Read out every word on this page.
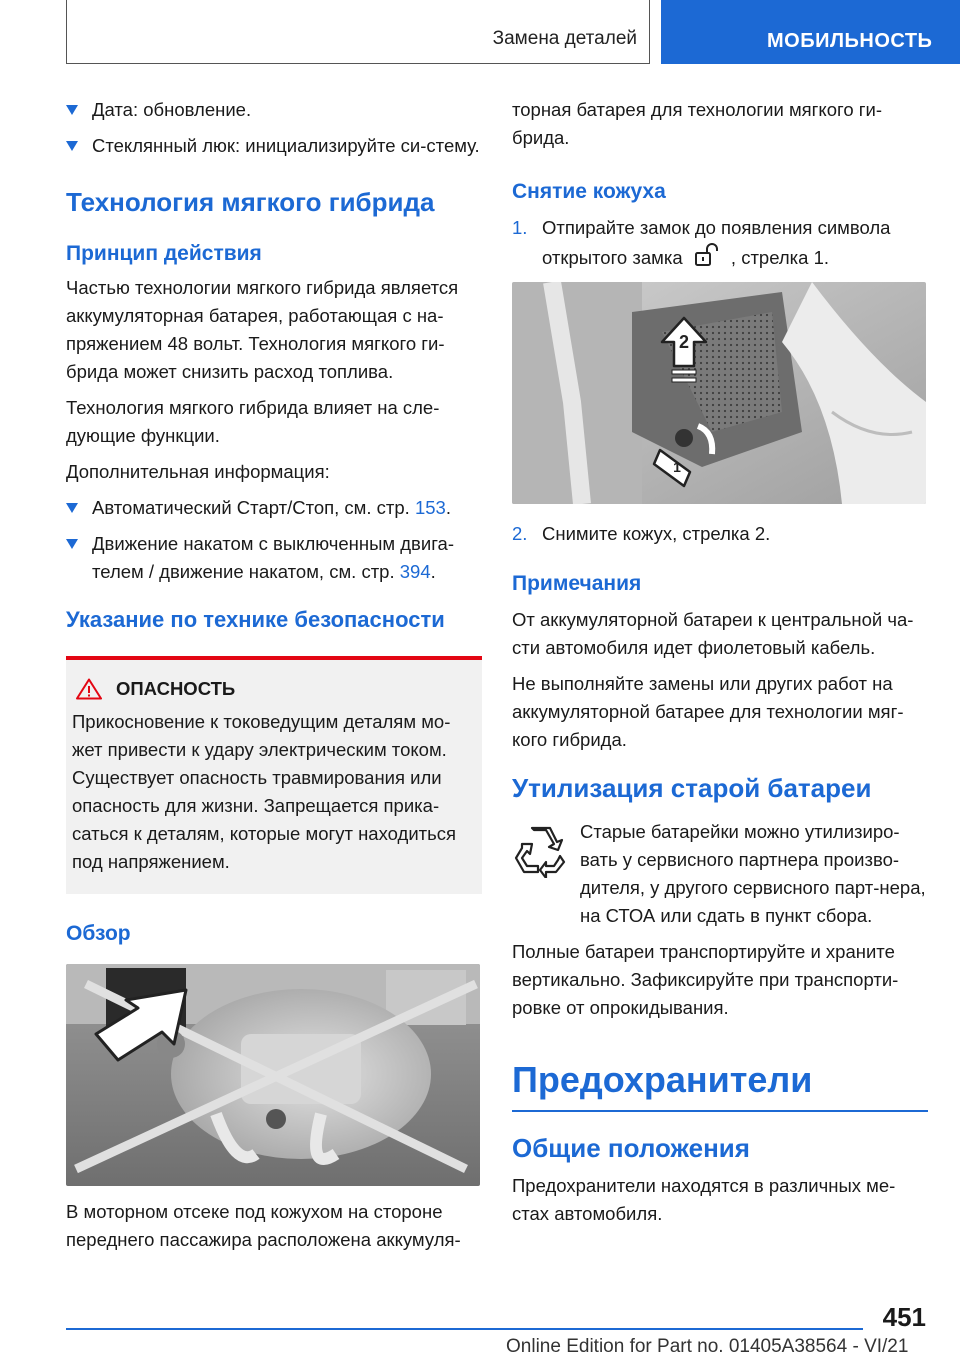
Замена деталей	МОБИЛЬНОСТЬ
Дата: обновление.
Стеклянный люк: инициализируйте си-стему.
Технология мягкого гибрида
Принцип действия

Частью технологии мягкого гибрида является аккумуляторная батарея, работающая с на-пряжением 48 вольт. Технология мягкого ги-брида может снизить расход топлива.

Технология мягкого гибрида влияет на сле-дующие функции.

Дополнительная информация:

Автоматический Старт/Стоп, см. стр. 153.
Движение накатом с выключенным двига-телем / движение накатом, см. стр. 394.
Указание по технике безопасности
ОПАСНОСТЬ

Прикосновение к токоведущим деталям мо-жет привести к удару электрическим током. Существует опасность травмирования или опасность для жизни. Запрещается прика-саться к деталям, которые могут находиться под напряжением.

Обзор

В моторном отсеке под кожухом на стороне переднего пассажира расположена аккумуля-

торная батарея для технологии мягкого ги-брида.

Снятие кожуха
1. Отпирайте замок до появления символа открытого замка	, стрелка 1.
2
1
2. Снимите кожух, стрелка 2.
Примечания

От аккумуляторной батареи к центральной ча-сти автомобиля идет фиолетовый кабель.

Не выполняйте замены или других работ на аккумуляторной батарее для технологии мяг-кого гибрида.

Утилизация старой батареи

Старые батарейки можно утилизиро-вать у сервисного партнера произво-дителя, у другого сервисного парт-нера, на СТОА или сдать в пункт сбора.

Полные батареи транспортируйте и храните вертикально. Зафиксируйте при транспорти-ровке от опрокидывания.

Предохранители
Общие положения

Предохранители находятся в различных ме-стах автомобиля.

451
Online Edition for Part no. 01405A38564 - VI/21
